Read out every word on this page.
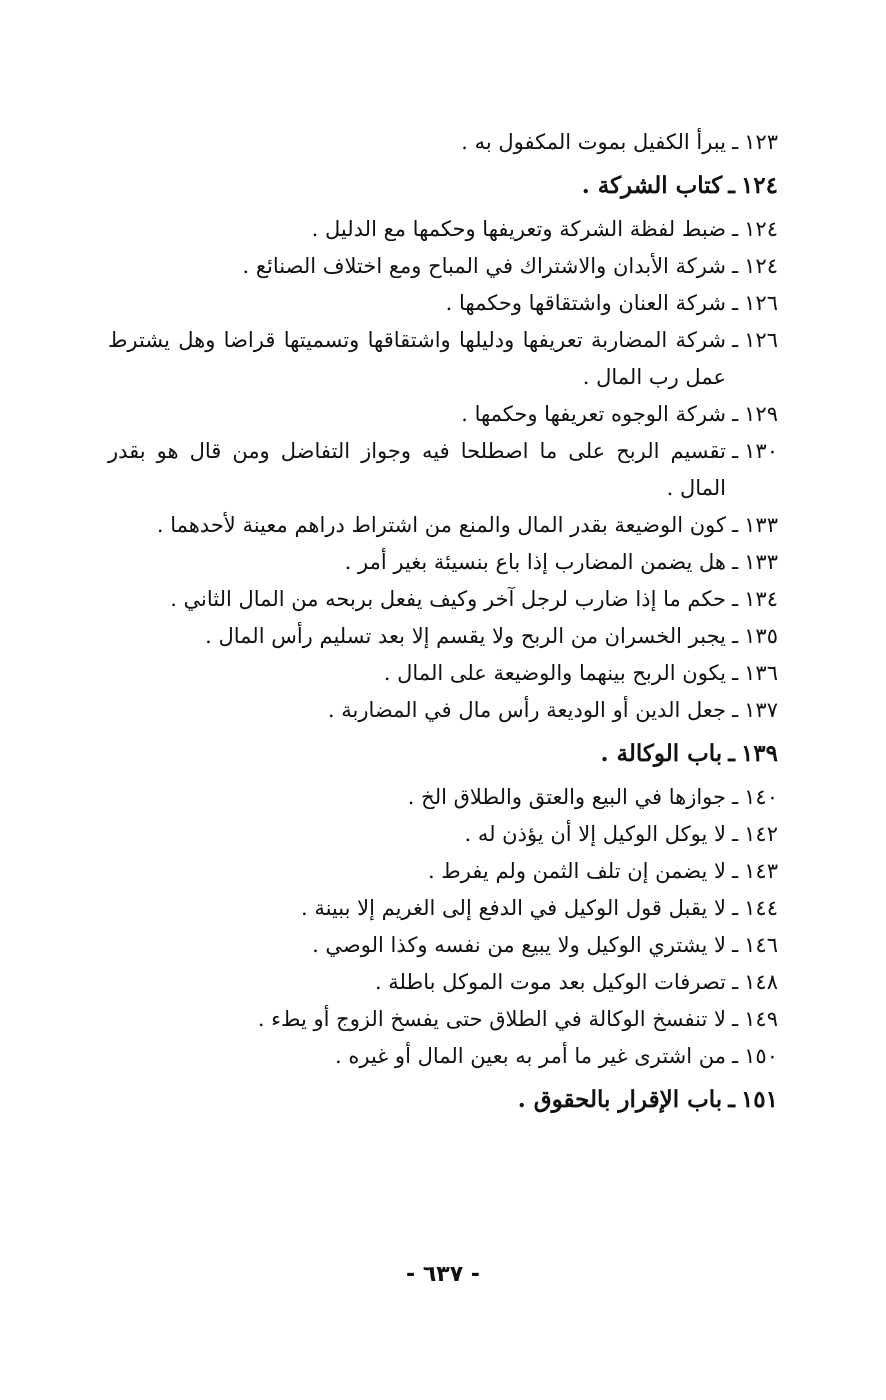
١٢٣
ـ
يبرأ الكفيل بموت المكفول به .
١٢٤
ـ
كتاب الشركة .
١٢٤
ـ
ضبط لفظة الشركة وتعريفها وحكمها مع الدليل .
١٢٤
ـ
شركة الأبدان والاشتراك في المباح ومع اختلاف الصنائع .
١٢٦
ـ
شركة العنان واشتقاقها وحكمها .
١٢٦
ـ
شركة المضاربة تعريفها ودليلها واشتقاقها وتسميتها قراضا وهل يشترط عمل رب المال .
١٢٩
ـ
شركة الوجوه تعريفها وحكمها .
١٣٠
ـ
تقسيم الربح على ما اصطلحا فيه وجواز التفاضل ومن قال هو بقدر المال .
١٣٣
ـ
كون الوضيعة بقدر المال والمنع من اشتراط دراهم معينة لأحدهما .
١٣٣
ـ
هل يضمن المضارب إذا باع بنسيئة بغير أمر .
١٣٤
ـ
حكم ما إذا ضارب لرجل آخر وكيف يفعل بربحه من المال الثاني .
١٣٥
ـ
يجبر الخسران من الربح ولا يقسم إلا بعد تسليم رأس المال .
١٣٦
ـ
يكون الربح بينهما والوضيعة على المال .
١٣٧
ـ
جعل الدين أو الوديعة رأس مال في المضاربة .
١٣٩
ـ
باب الوكالة .
١٤٠
ـ
جوازها في البيع والعتق والطلاق الخ .
١٤٢
ـ
لا يوكل الوكيل إلا أن يؤذن له .
١٤٣
ـ
لا يضمن إن تلف الثمن ولم يفرط .
١٤٤
ـ
لا يقبل قول الوكيل في الدفع إلى الغريم إلا ببينة .
١٤٦
ـ
لا يشتري الوكيل ولا يبيع من نفسه وكذا الوصي .
١٤٨
ـ
تصرفات الوكيل بعد موت الموكل باطلة .
١٤٩
ـ
لا تنفسخ الوكالة في الطلاق حتى يفسخ الزوج أو يطء .
١٥٠
ـ
من اشترى غير ما أمر به بعين المال أو غيره .
١٥١
ـ
باب الإقرار بالحقوق .
- ٦٣٧ -
